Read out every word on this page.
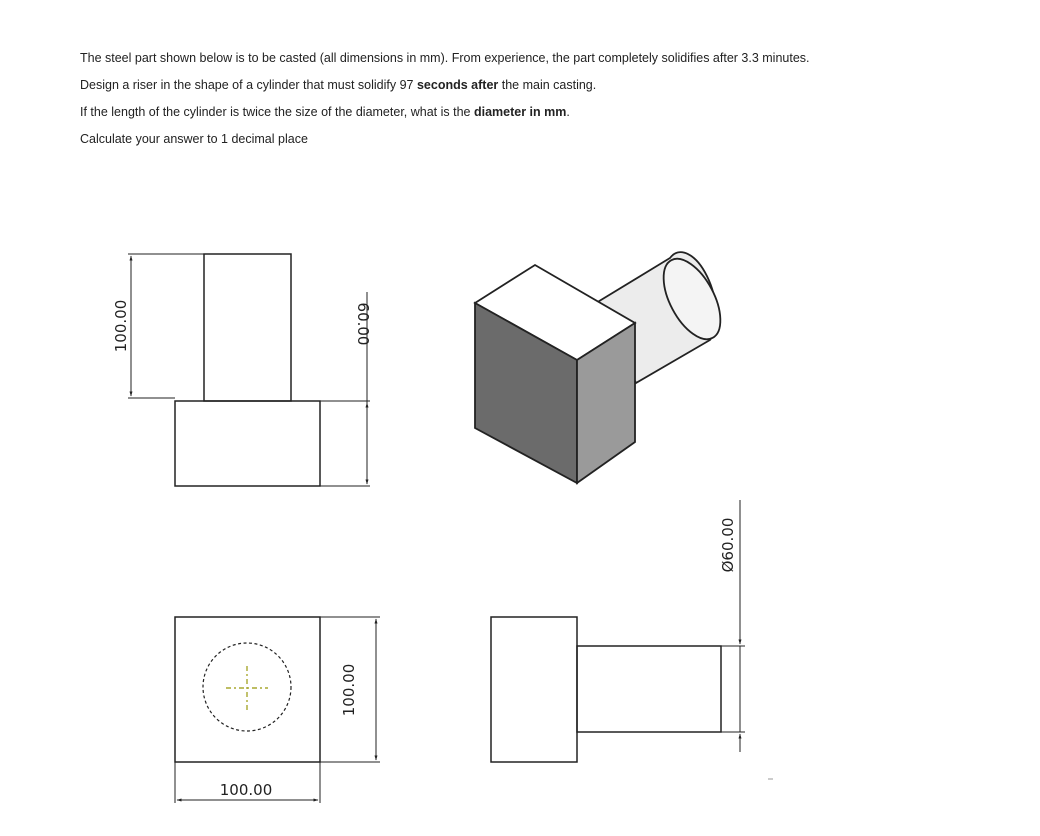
The steel part shown below is to be casted (all dimensions in mm). From experience, the part completely solidifies after 3.3 minutes.

Design a riser in the shape of a cylinder that must solidify 97 seconds after the main casting.

If the length of the cylinder is twice the size of the diameter, what is the diameter in mm.

Calculate your answer to 1 decimal place

100.00	60.00
100.00
100.00
Ø60.00
